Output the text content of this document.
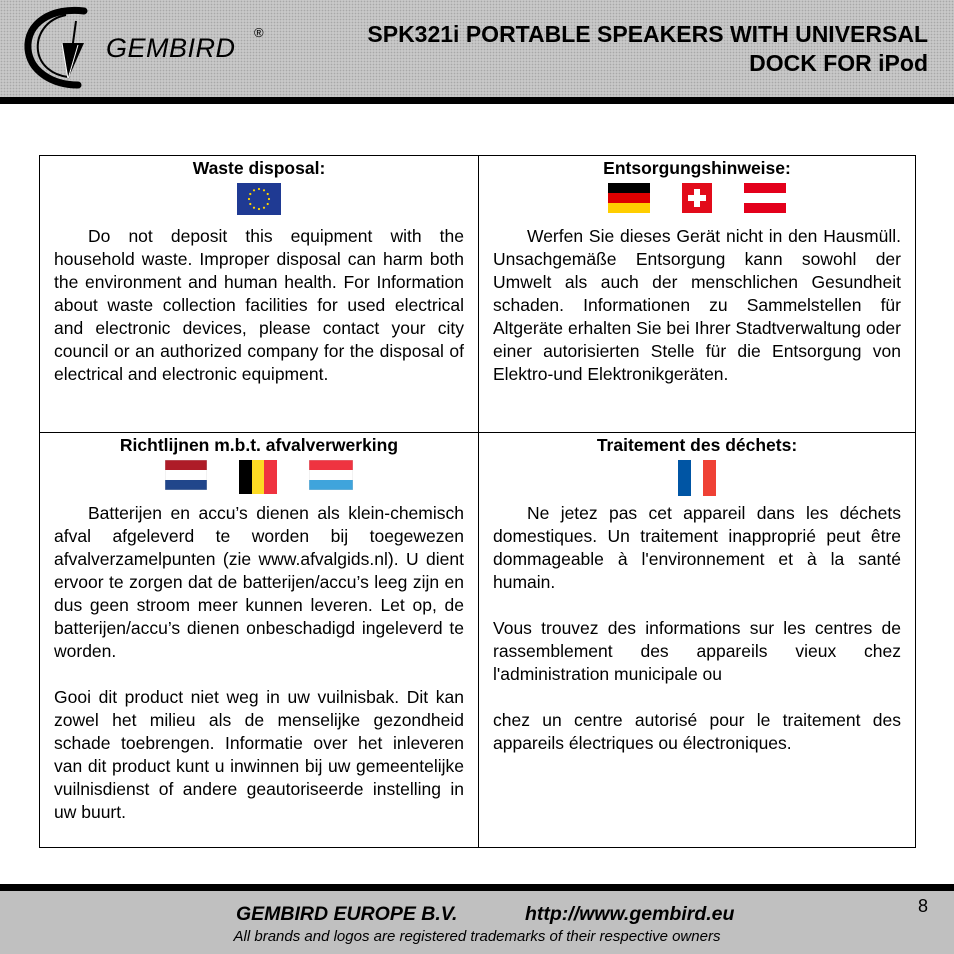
GEMBIRD
®	SPK321i PORTABLE SPEAKERS WITH UNIVERSAL
DOCK FOR iPod
Waste disposal:

Do not deposit this equipment with the household waste. Improper disposal can harm both the environment and human health. For Information about waste collection facilities for used electrical and electronic devices, please contact your city council or an authorized company for the disposal of electrical and electronic equipment.

Entsorgungshinweise:

Werfen Sie dieses Gerät nicht in den Hausmüll. Unsachgemäße Entsorgung kann sowohl der Umwelt als auch der menschlichen Gesundheit schaden. Informationen zu Sammelstellen für Altgeräte erhalten Sie bei Ihrer Stadtverwaltung oder einer autorisierten Stelle für die Entsorgung von Elektro-und Elektronikgeräten.

Richtlijnen m.b.t. afvalverwerking

Batterijen en accu’s dienen als klein-chemisch afval afgeleverd te worden bij toegewezen afvalverzamelpunten (zie www.afvalgids.nl). U dient ervoor te zorgen dat de batterijen/accu’s leeg zijn en dus geen stroom meer kunnen leveren. Let op, de batterijen/accu’s dienen onbeschadigd ingeleverd te worden.

Gooi dit product niet weg in uw vuilnisbak. Dit kan zowel het milieu als de menselijke gezondheid schade toebrengen. Informatie over het inleveren van dit product kunt u inwinnen bij uw gemeentelijke vuilnisdienst of andere geautoriseerde instelling in uw buurt.

Traitement des déchets:

Ne jetez pas cet appareil dans les déchets domestiques. Un traitement inapproprié peut être dommageable à l'environnement et à la santé humain.

Vous trouvez des informations sur les centres de rassemblement des appareils vieux chez l'administration municipale ou

chez un centre autorisé pour le traitement des appareils électriques ou électroniques.

GEMBIRD EUROPE B.V.	http://www.gembird.eu
All brands and logos are registered trademarks of their respective owners
8
